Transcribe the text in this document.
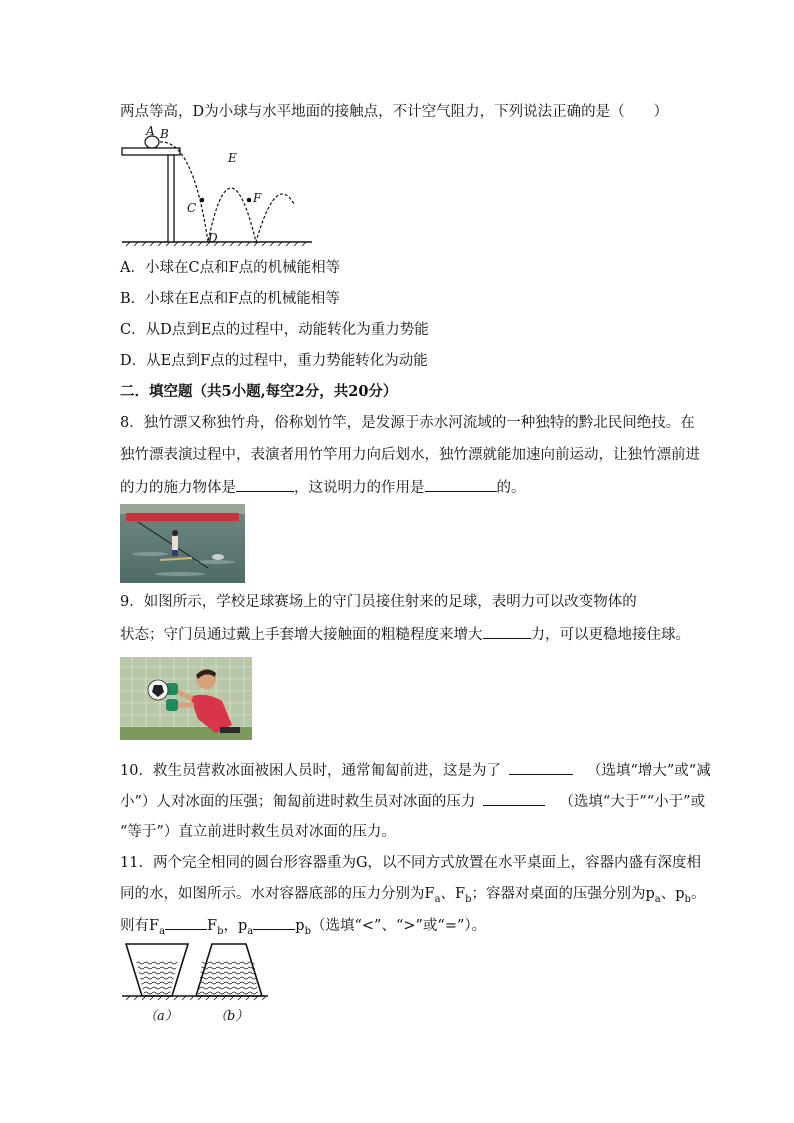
两点等高，D为小球与水平地面的接触点，不计空气阻力，下列说法正确的是（　　）
A B
C
D
E
F
A．小球在C点和F点的机械能相等
B．小球在E点和F点的机械能相等
C．从D点到E点的过程中，动能转化为重力势能
D．从E点到F点的过程中，重力势能转化为动能
二．填空题（共5小题,每空2分，共20分）
8．独竹漂又称独竹舟，俗称划竹竿，是发源于赤水河流域的一种独特的黔北民间绝技。在
独竹漂表演过程中，表演者用竹竿用力向后划水，独竹漂就能加速向前运动，让独竹漂前进
的力的施力物体是	，这说明力的作用是	的。
9．如图所示，学校足球赛场上的守门员接住射来的足球，表明力可以改变物体的
状态；守门员通过戴上手套增大接触面的粗糙程度来增大	力，可以更稳地接住球。
10．救生员营救冰面被困人员时，通常匍匐前进，这是为了	（选填“增大”或“减
小”）人对冰面的压强；匍匐前进时救生员对冰面的压力	（选填“大于”“小于”或
“等于”）直立前进时救生员对冰面的压力。
11．两个完全相同的圆台形容器重为G，以不同方式放置在水平桌面上，容器内盛有深度相
同的水，如图所示。水对容器底部的压力分别为$F_a$、$F_b$；容器对桌面的压强分别为$p_a$、$p_b$。
则有$F_a$	$F_b$，$p_a$	$p_b$（选填“<”、“>”或“=”）。
（a）	（b）
